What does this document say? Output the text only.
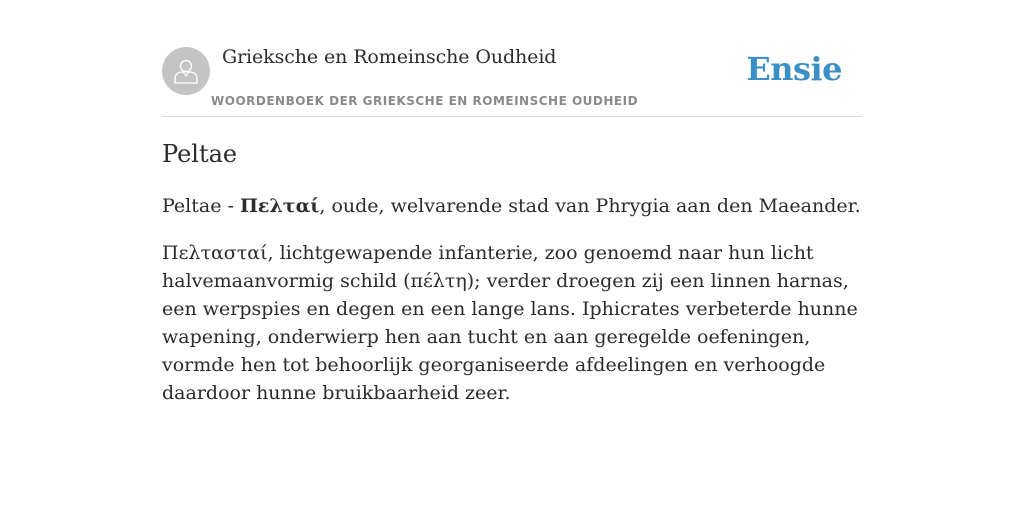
Grieksche en Romeinsche Oudheid
WOORDENBOEK DER GRIEKSCHE EN ROMEINSCHE OUDHEID
Ensie
Peltae

Peltae - Πελταί, oude, welvarende stad van Phrygia aan den Maeander.

Πελτασταί, lichtgewapende infanterie, zoo genoemd naar hun licht halvemaanvormig schild (πέλτη); verder droegen zij een linnen harnas, een werpspies en degen en een lange lans. Iphicrates verbeterde hunne wapening, onderwierp hen aan tucht en aan geregelde oefeningen, vormde hen tot behoorlijk georganiseerde afdeelingen en verhoogde daardoor hunne bruikbaarheid zeer.
